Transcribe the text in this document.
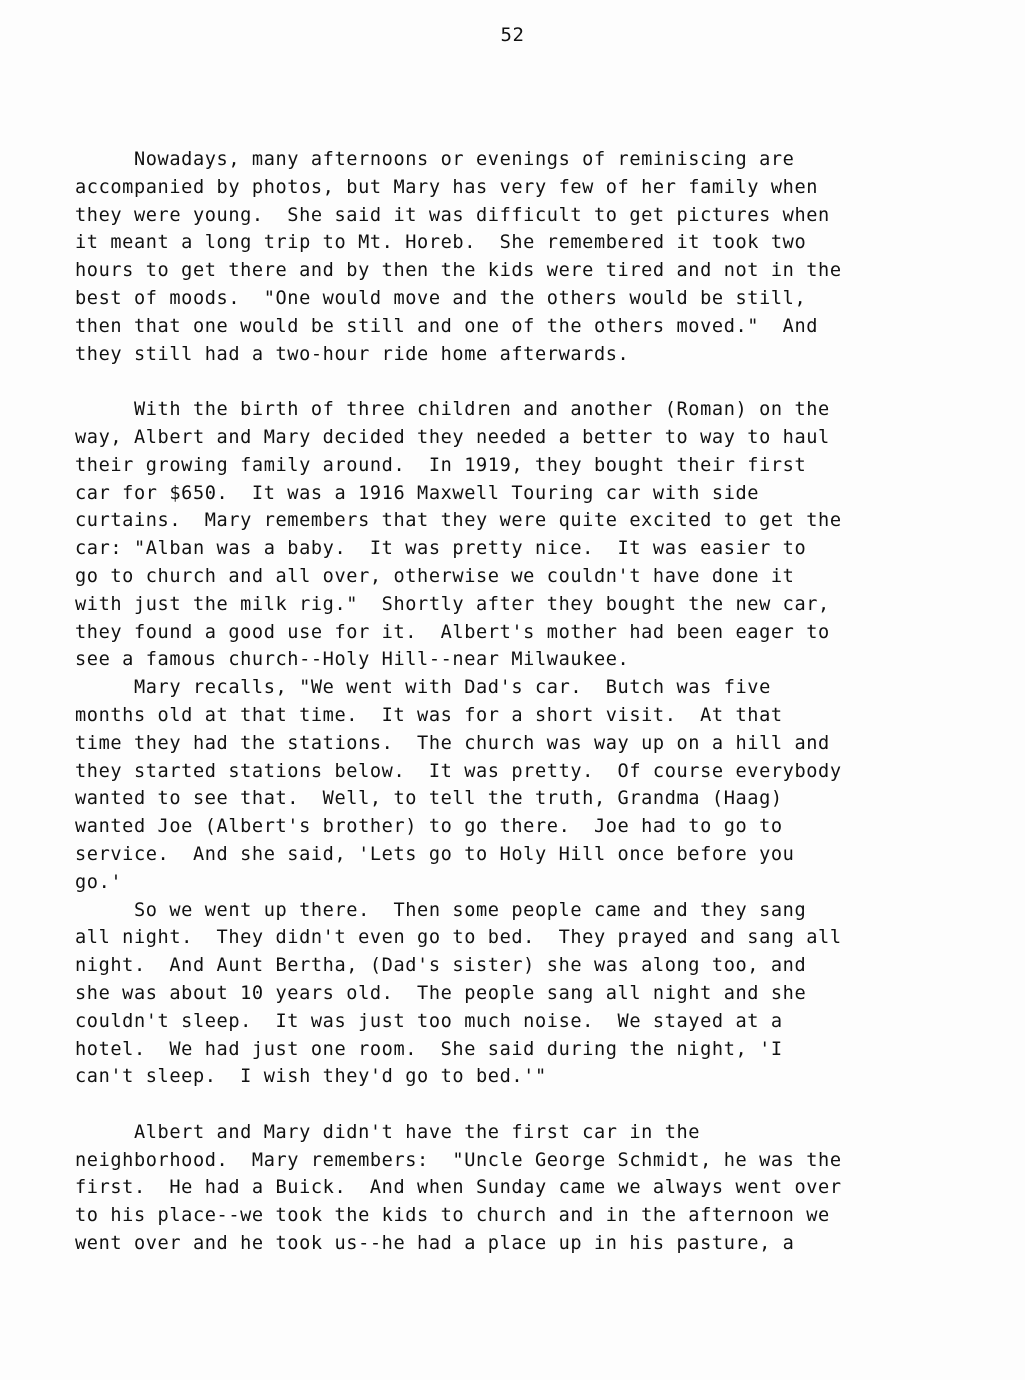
52
Nowadays, many afternoons or evenings of reminiscing are
accompanied by photos, but Mary has very few of her family when
they were young.  She said it was difficult to get pictures when
it meant a long trip to Mt. Horeb.  She remembered it took two
hours to get there and by then the kids were tired and not in the
best of moods.  "One would move and the others would be still,
then that one would be still and one of the others moved."  And
they still had a two-hour ride home afterwards.
With the birth of three children and another (Roman) on the
way, Albert and Mary decided they needed a better to way to haul
their growing family around.  In 1919, they bought their first
car for $650.  It was a 1916 Maxwell Touring car with side
curtains.  Mary remembers that they were quite excited to get the
car: "Alban was a baby.  It was pretty nice.  It was easier to
go to church and all over, otherwise we couldn't have done it
with just the milk rig."  Shortly after they bought the new car,
they found a good use for it.  Albert's mother had been eager to
see a famous church--Holy Hill--near Milwaukee.
Mary recalls, "We went with Dad's car.  Butch was five
months old at that time.  It was for a short visit.  At that
time they had the stations.  The church was way up on a hill and
they started stations below.  It was pretty.  Of course everybody
wanted to see that.  Well, to tell the truth, Grandma (Haag)
wanted Joe (Albert's brother) to go there.  Joe had to go to
service.  And she said, 'Lets go to Holy Hill once before you
go.'
So we went up there.  Then some people came and they sang
all night.  They didn't even go to bed.  They prayed and sang all
night.  And Aunt Bertha, (Dad's sister) she was along too, and
she was about 10 years old.  The people sang all night and she
couldn't sleep.  It was just too much noise.  We stayed at a
hotel.  We had just one room.  She said during the night, 'I
can't sleep.  I wish they'd go to bed.'"
Albert and Mary didn't have the first car in the
neighborhood.  Mary remembers:  "Uncle George Schmidt, he was the
first.  He had a Buick.  And when Sunday came we always went over
to his place--we took the kids to church and in the afternoon we
went over and he took us--he had a place up in his pasture, a
